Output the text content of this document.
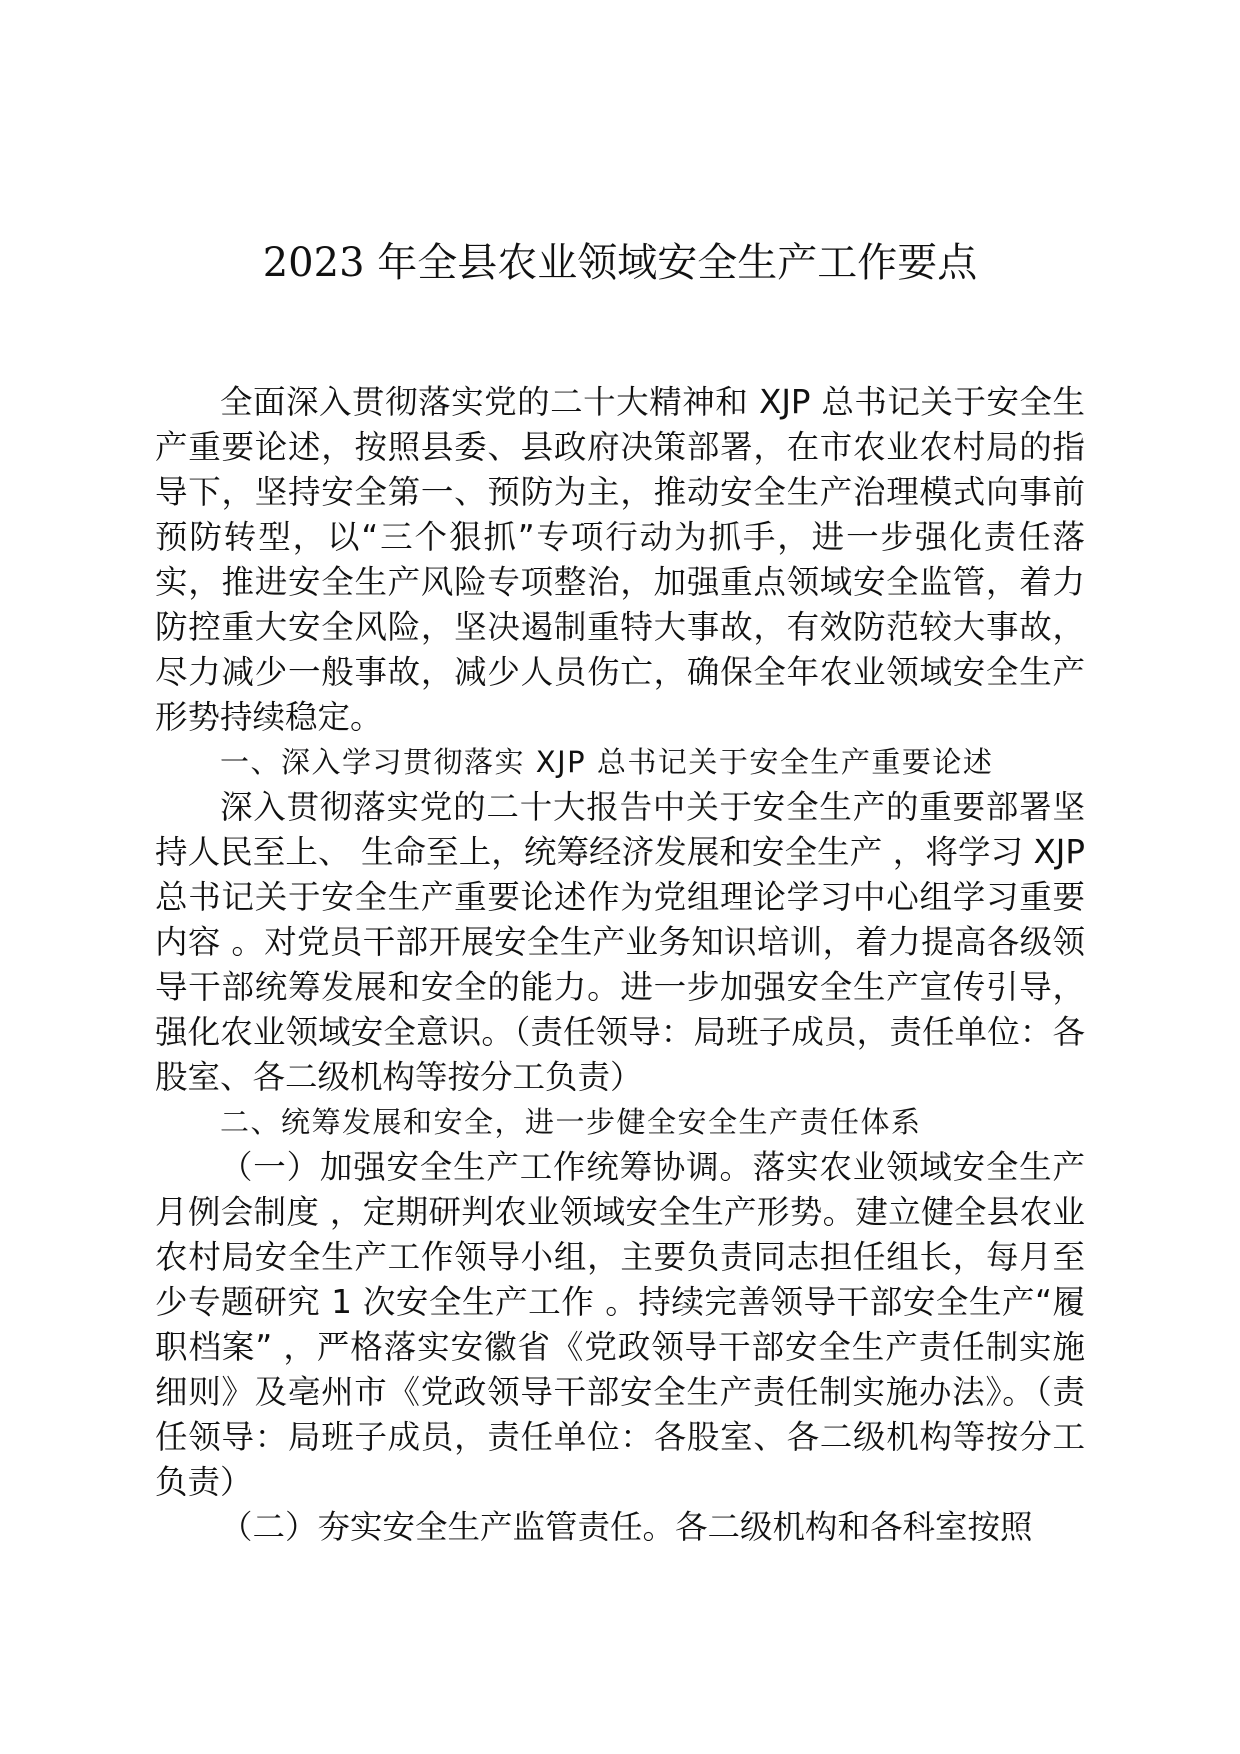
2023 年全县农业领域安全生产工作要点

全面深入贯彻落实党的二十大精神和 XJP 总书记关于安全生产重要论述，按照县委、县政府决策部署，在市农业农村局的指导下，坚持安全第一、预防为主，推动安全生产治理模式向事前预防转型，以“三个狠抓”专项行动为抓手，进一步强化责任落实，推进安全生产风险专项整治，加强重点领域安全监管，着力防控重大安全风险，坚决遏制重特大事故，有效防范较大事故，尽力减少一般事故，减少人员伤亡，确保全年农业领域安全生产形势持续稳定。

一、深入学习贯彻落实 XJP 总书记关于安全生产重要论述

深入贯彻落实党的二十大报告中关于安全生产的重要部署坚持人民至上、 生命至上，统筹经济发展和安全生产 ，将学习 XJP 总书记关于安全生产重要论述作为党组理论学习中心组学习重要内容 。对党员干部开展安全生产业务知识培训，着力提高各级领导干部统筹发展和安全的能力。进一步加强安全生产宣传引导，强化农业领域安全意识。（责任领导：局班子成员，责任单位：各股室、各二级机构等按分工负责）

二、统筹发展和安全，进一步健全安全生产责任体系

（一）加强安全生产工作统筹协调。落实农业领域安全生产月例会制度 ，定期研判农业领域安全生产形势。建立健全县农业农村局安全生产工作领导小组，主要负责同志担任组长，每月至少专题研究 1 次安全生产工作 。持续完善领导干部安全生产“履职档案” ，严格落实安徽省《党政领导干部安全生产责任制实施细则》及亳州市《党政领导干部安全生产责任制实施办法》。（责任领导：局班子成员，责任单位：各股室、各二级机构等按分工负责）

（二）夯实安全生产监管责任。各二级机构和各科室按照
